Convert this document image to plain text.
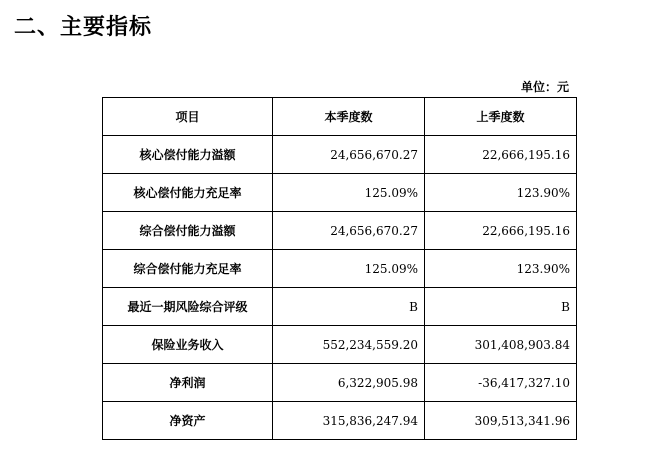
二、主要指标
单位：元
项目	本季度数	上季度数
核心偿付能力溢额	24,656,670.27	22,666,195.16
核心偿付能力充足率	125.09%	123.90%
综合偿付能力溢额	24,656,670.27	22,666,195.16
综合偿付能力充足率	125.09%	123.90%
最近一期风险综合评级	B	B
保险业务收入	552,234,559.20	301,408,903.84
净利润	6,322,905.98	-36,417,327.10
净资产	315,836,247.94	309,513,341.96
